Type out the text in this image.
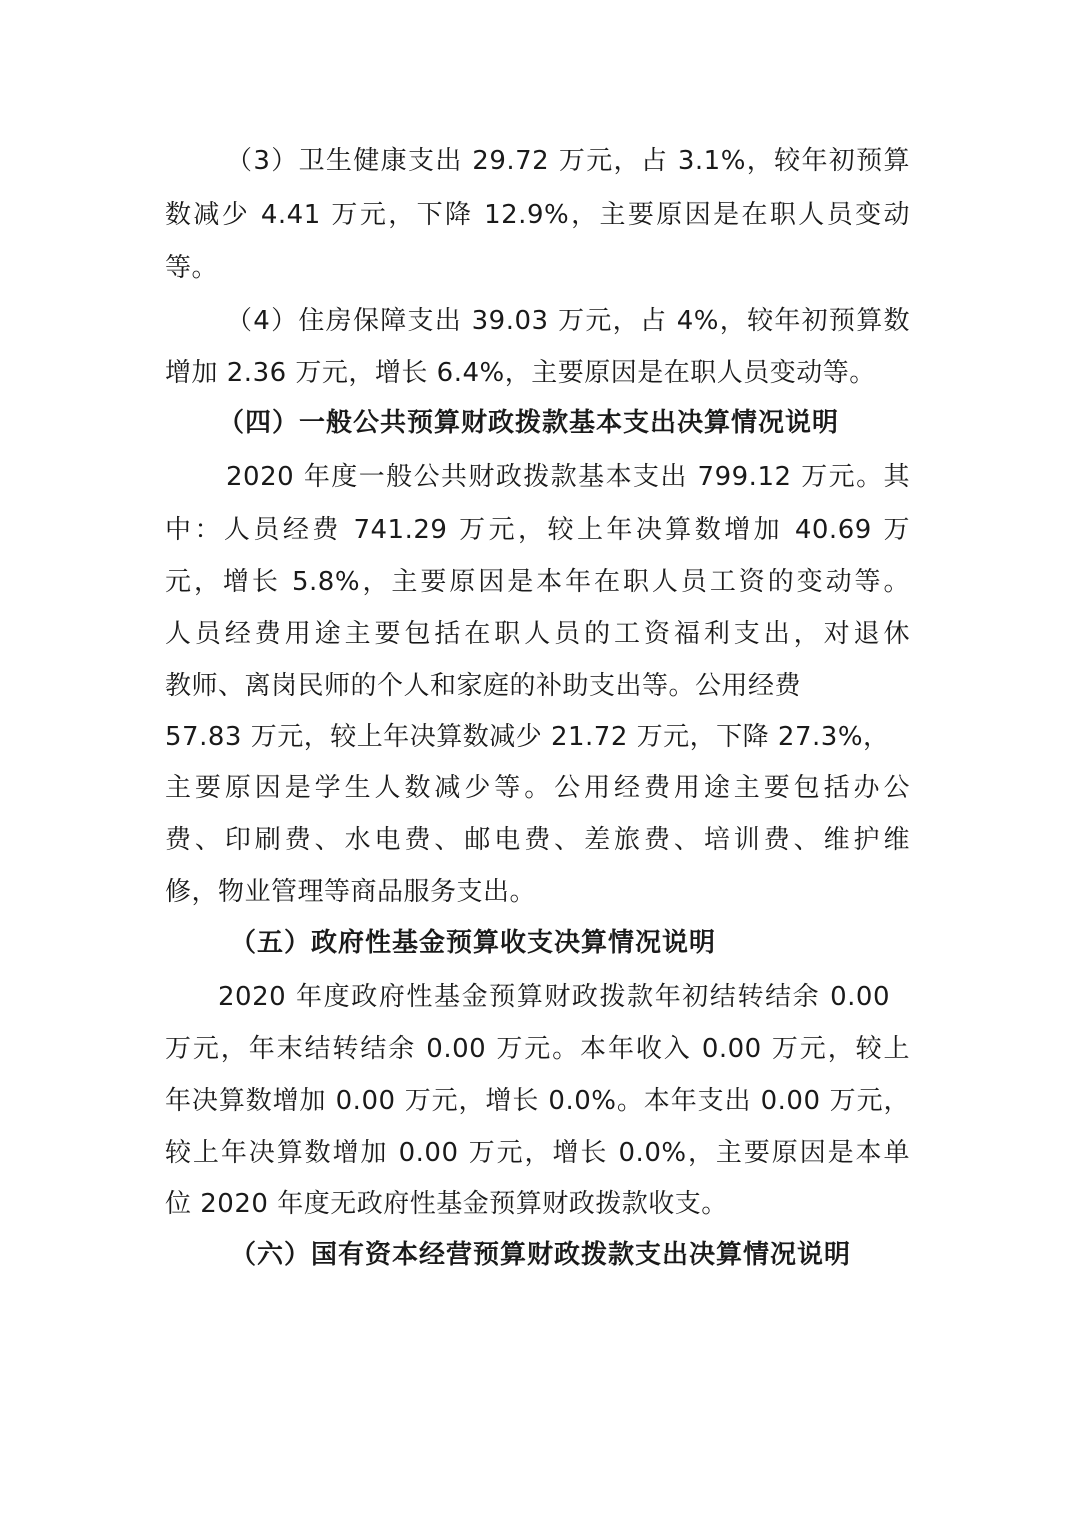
（3）卫生健康支出 29.72 万元，占 3.1%，较年初预算
数减少 4.41 万元，下降 12.9%，主要原因是在职人员变动
等。
（4）住房保障支出 39.03 万元，占 4%，较年初预算数
增加 2.36 万元，增长 6.4%，主要原因是在职人员变动等。
（四）一般公共预算财政拨款基本支出决算情况说明
2020 年度一般公共财政拨款基本支出 799.12 万元。其
中：人员经费 741.29 万元，较上年决算数增加 40.69 万
元，增长 5.8%，主要原因是本年在职人员工资的变动等。
人员经费用途主要包括在职人员的工资福利支出，对退休
教师、离岗民师的个人和家庭的补助支出等。公用经费
57.83 万元，较上年决算数减少 21.72 万元，下降 27.3%，
主要原因是学生人数减少等。公用经费用途主要包括办公
费、印刷费、水电费、邮电费、差旅费、培训费、维护维
修，物业管理等商品服务支出。
（五）政府性基金预算收支决算情况说明
2020 年度政府性基金预算财政拨款年初结转结余 0.00
万元，年末结转结余 0.00 万元。本年收入 0.00 万元，较上
年决算数增加 0.00 万元，增长 0.0%。本年支出 0.00 万元，
较上年决算数增加 0.00 万元，增长 0.0%，主要原因是本单
位 2020 年度无政府性基金预算财政拨款收支。
（六）国有资本经营预算财政拨款支出决算情况说明
